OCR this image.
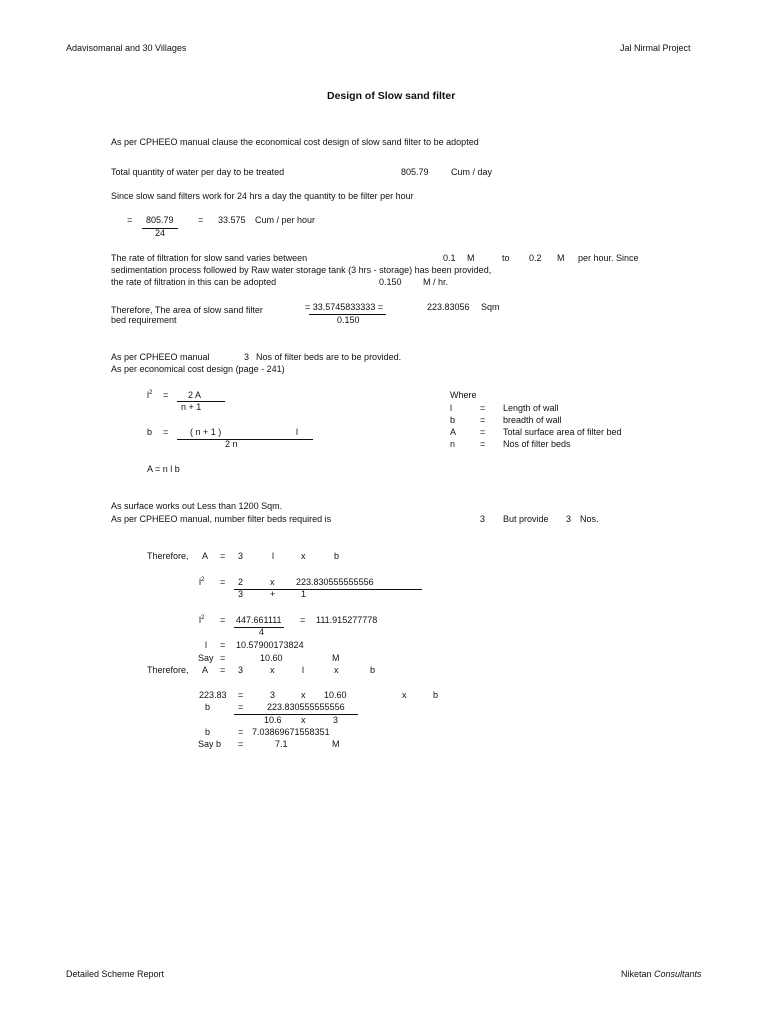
Adavisomanal and 30 Villages	Jal Nirmal Project
Design of Slow sand filter
As per CPHEEO manual clause the economical cost design of slow sand filter to be adopted
Total quantity of water per day to be treated	805.79 Cum / day
Since slow sand filters work for 24 hrs a day the quantity to be filter per hour
= 805.79
24
= 33.575 Cum / per hour
The rate of filtration for slow sand varies between	0.1 M	to 0.2 M per hour. Since
sedimentation process followed by Raw water storage tank (3 hrs - storage) has been provided,
the rate of filtration in this can be adopted	0.150 M / hr.
Therefore, The area of slow sand filter
bed requirement
= 33.5745833333 =
0.150
223.83056 Sqm
As per CPHEEO manual	3 Nos of filter beds are to be provided.
As per economical cost design (page - 241)
$l^2 = 2$ A
n + 1
b = ( n + 1 )	l
2 n
A = n l b
Where
l	= Length of wall
b	= breadth of wall
A	= Total surface area of filter bed
n	= Nos of filter beds
As surface works out Less than 1200 Sqm.
As per CPHEEO manual, number filter beds required is	3 But provide 3 Nos.
Therefore, A = 3	l	x	b
$l^2 = 2$	x 223.830555555556
3	+	1
$l^2 = 447.661111$
4
= 111.915277778
l = 10.57900173824
Say =	10.60	M
Therefore, A = 3	x	l	x	b
223.83 =	3	x 10.60	x	b
b	=	223.830555555556
10.6 x	3
b	= 7.03869671558351
Say b =	7.1	M
Detailed Scheme Report	Niketan Consultants
